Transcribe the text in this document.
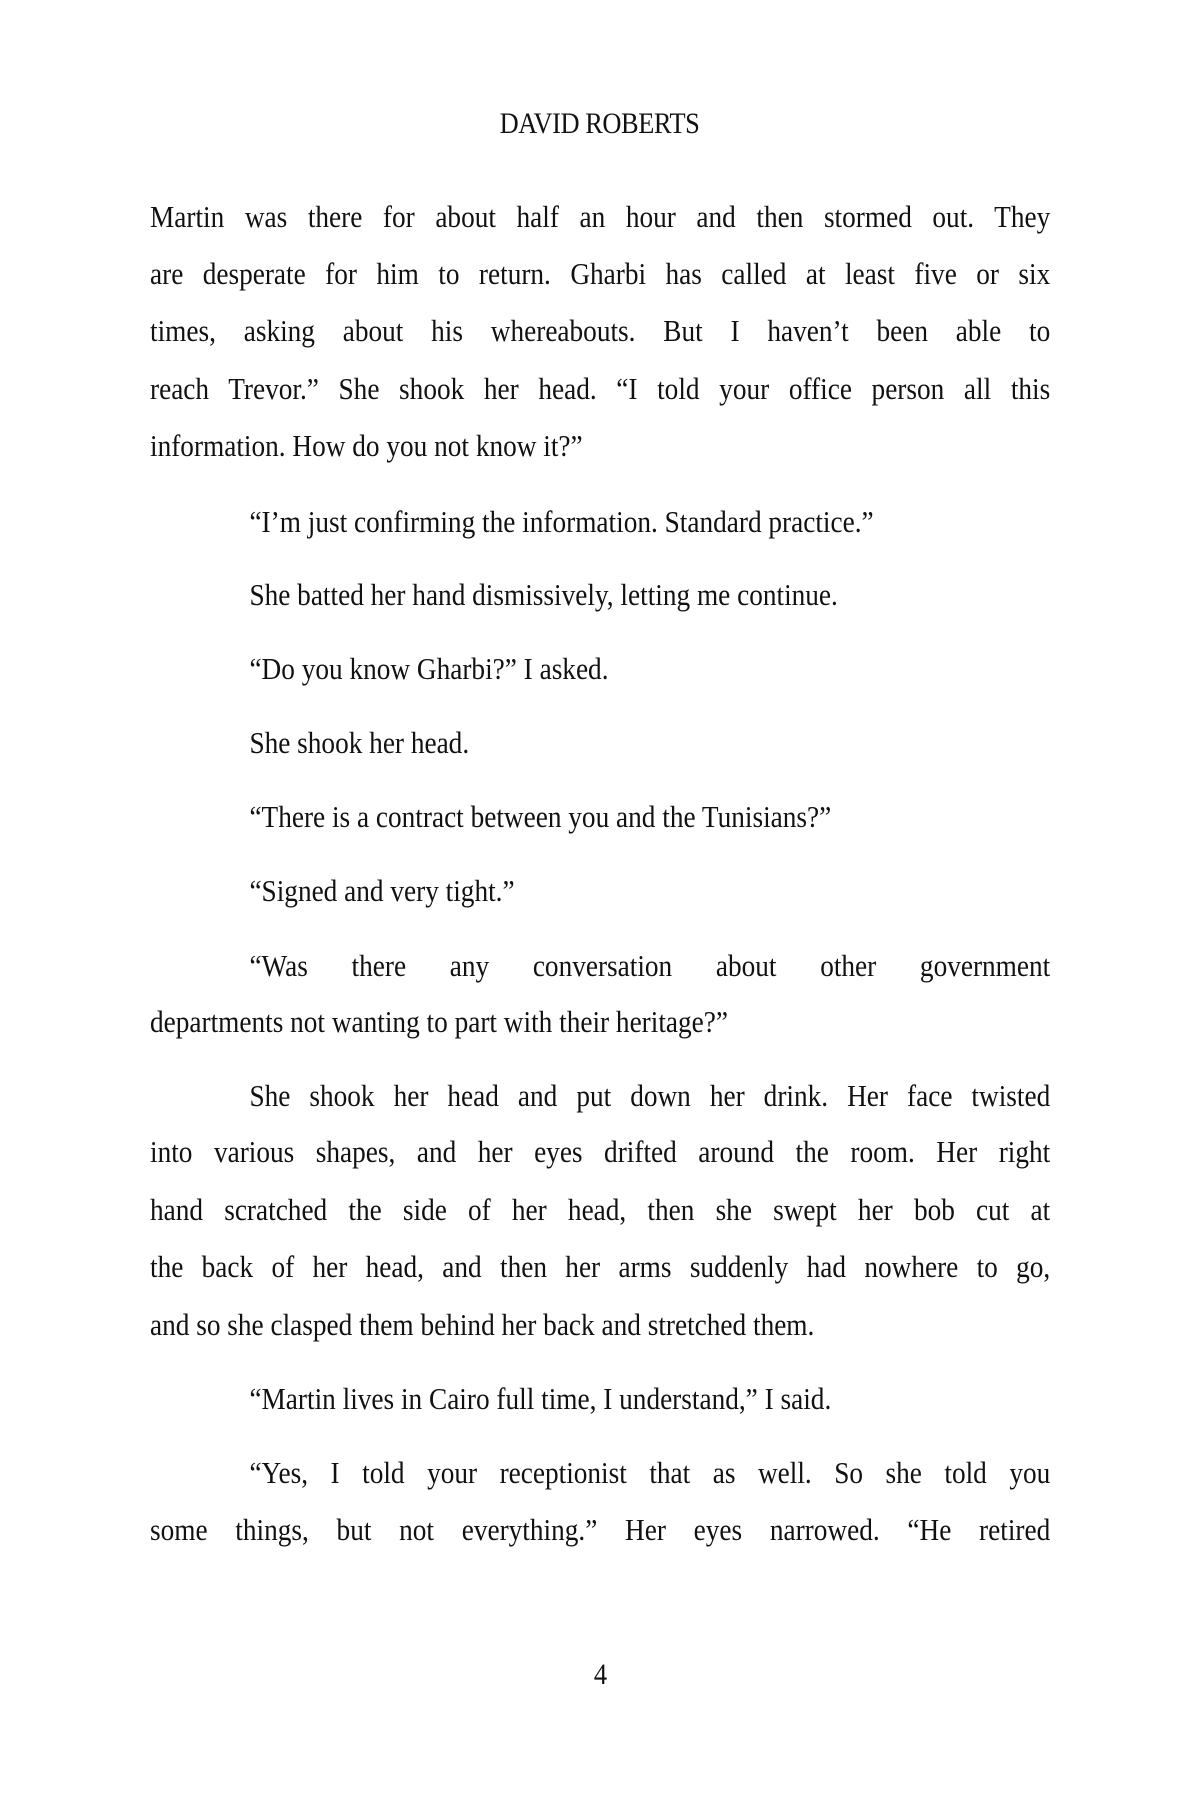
DAVID ROBERTS
Martin was there for about half an hour and then stormed out. They
are desperate for him to return. Gharbi has called at least five or six
times, asking about his whereabouts. But I haven’t been able to
reach Trevor.” She shook her head. “I told your office person all this
information. How do you not know it?”
“I’m just confirming the information. Standard practice.”
She batted her hand dismissively, letting me continue.
“Do you know Gharbi?” I asked.
She shook her head.
“There is a contract between you and the Tunisians?”
“Signed and very tight.”
“Was there any conversation about other government
departments not wanting to part with their heritage?”
She shook her head and put down her drink. Her face twisted
into various shapes, and her eyes drifted around the room. Her right
hand scratched the side of her head, then she swept her bob cut at
the back of her head, and then her arms suddenly had nowhere to go,
and so she clasped them behind her back and stretched them.
“Martin lives in Cairo full time, I understand,” I said.
“Yes, I told your receptionist that as well. So she told you
some things, but not everything.” Her eyes narrowed. “He retired
4
